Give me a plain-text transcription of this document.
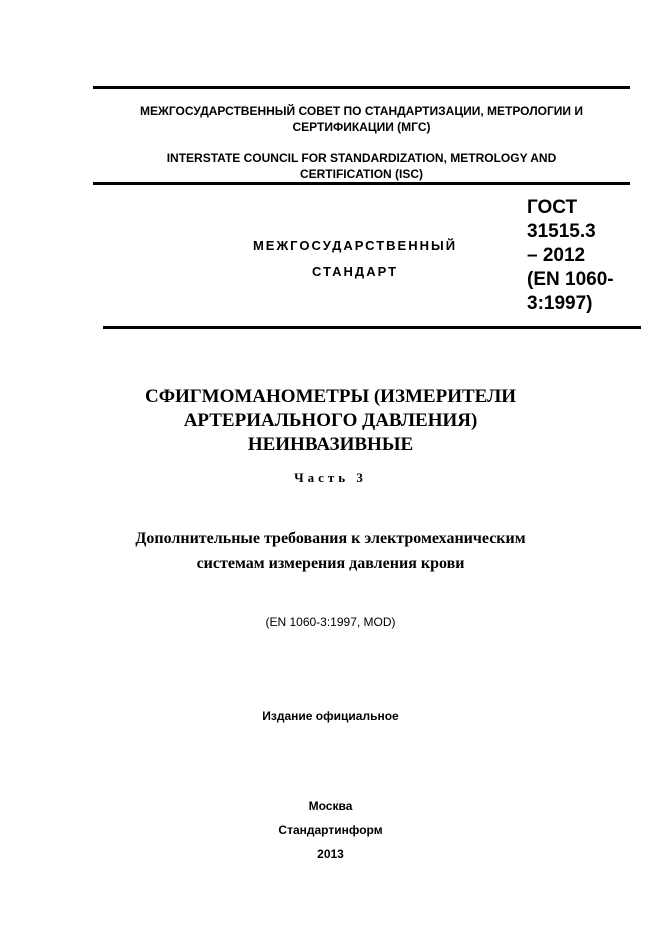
МЕЖГОСУДАРСТВЕННЫЙ СОВЕТ ПО СТАНДАРТИЗАЦИИ, МЕТРОЛОГИИ И
СЕРТИФИКАЦИИ (МГС)
INTERSTATE COUNCIL FOR STANDARDIZATION, METROLOGY AND
CERTIFICATION (ISC)
МЕЖГОСУДАРСТВЕННЫЙ
СТАНДАРТ
ГОСТ
31515.3
– 2012
(EN 1060-
3:1997)
СФИГМОМАНОМЕТРЫ (ИЗМЕРИТЕЛИ
АРТЕРИАЛЬНОГО ДАВЛЕНИЯ)
НЕИНВАЗИВНЫЕ
Часть 3
Дополнительные требования к электромеханическим
системам измерения давления крови
(EN 1060-3:1997, MOD)
Издание официальное
Москва
Стандартинформ
2013
